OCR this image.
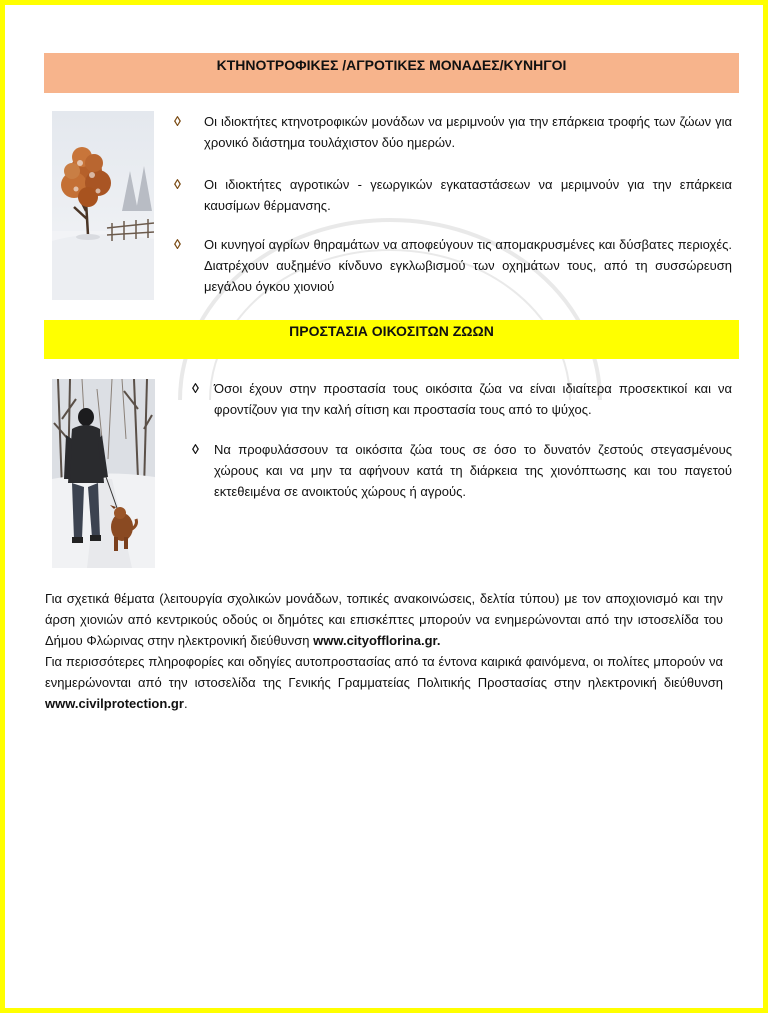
ΚΤΗΝΟΤΡΟΦΙΚΕΣ /ΑΓΡΟΤΙΚΕΣ ΜΟΝΑΔΕΣ/ΚΥΝΗΓΟΙ
◊ Οι ιδιοκτήτες κτηνοτροφικών μονάδων να μεριμνούν για την επάρκεια τροφής των ζώων για χρονικό διάστημα τουλάχιστον δύο ημερών.
◊ Οι ιδιοκτήτες αγροτικών - γεωργικών εγκαταστάσεων να μεριμνούν για την επάρκεια καυσίμων θέρμανσης.
◊ Οι κυνηγοί αγρίων θηραμάτων να αποφεύγουν τις απομακρυσμένες και δύσβατες περιοχές. Διατρέχουν αυξημένο κίνδυνο εγκλωβισμού των οχημάτων τους, από τη συσσώρευση μεγάλου όγκου χιονιού
ΠΡΟΣΤΑΣΙΑ ΟΙΚΟΣΙΤΩΝ ΖΩΩΝ
◊ Όσοι έχουν στην προστασία τους οικόσιτα ζώα να είναι ιδιαίτερα προσεκτικοί και να φροντίζουν για την καλή σίτιση και προστασία τους από το ψύχος.
◊ Να προφυλάσσουν τα οικόσιτα ζώα τους σε όσο το δυνατόν ζεστούς στεγασμένους χώρους και να μην τα αφήνουν κατά τη διάρκεια της χιονόπτωσης και του παγετού εκτεθειμένα σε ανοικτούς χώρους ή αγρούς.

Για σχετικά θέματα (λειτουργία σχολικών μονάδων, τοπικές ανακοινώσεις, δελτία τύπου) με τον αποχιονισμό και την άρση χιονιών από κεντρικούς οδούς οι δημότες και επισκέπτες μπορούν να ενημερώνονται από την ιστοσελίδα του Δήμου Φλώρινας στην ηλεκτρονική διεύθυνση www.cityofflorina.gr.

Για περισσότερες πληροφορίες και οδηγίες αυτοπροστασίας από τα έντονα καιρικά φαινόμενα, οι πολίτες μπορούν να ενημερώνονται από την ιστοσελίδα της Γενικής Γραμματείας Πολιτικής Προστασίας στην ηλεκτρονική διεύθυνση www.civilprotection.gr.
